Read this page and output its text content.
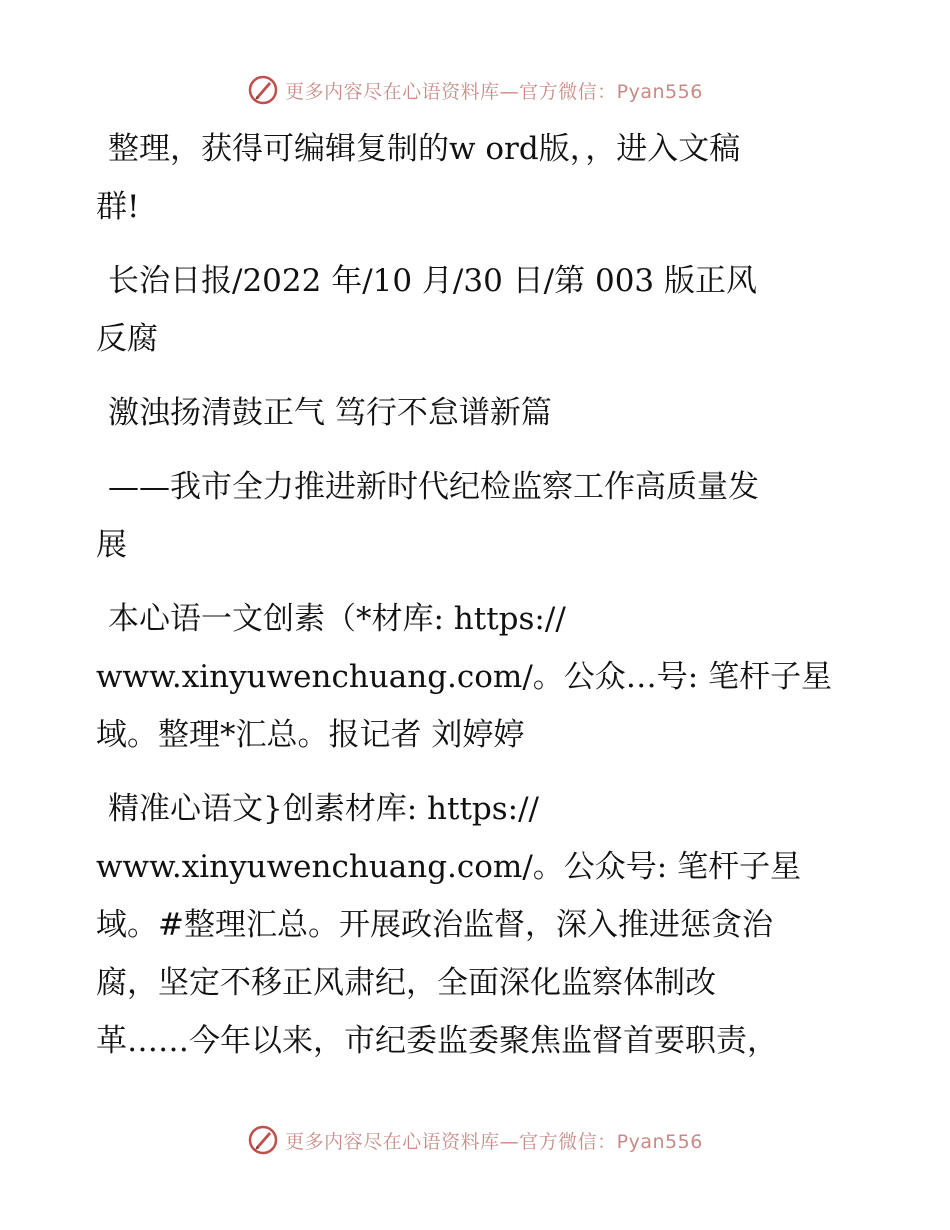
更多内容尽在心语资料库—官方微信：Pyan556
整理，获得可编辑复制的w ord版，，进入文稿
群!
长治日报/2022 年/10 月/30 日/第 003 版正风
反腐
激浊扬清鼓正气 笃行不怠谱新篇
——我市全力推进新时代纪检监察工作高质量发
展
本心语一文创素（*材库: https://
www.xinyuwenchuang.com/。公众…号: 笔杆子星
域。整理*汇总。报记者 刘婷婷
精准心语文}创素材库: https://
www.xinyuwenchuang.com/。公众号: 笔杆子星
域。#整理汇总。开展政治监督，深入推进惩贪治
腐，坚定不移正风肃纪，全面深化监察体制改
革……今年以来，市纪委监委聚焦监督首要职责，
更多内容尽在心语资料库—官方微信：Pyan556
